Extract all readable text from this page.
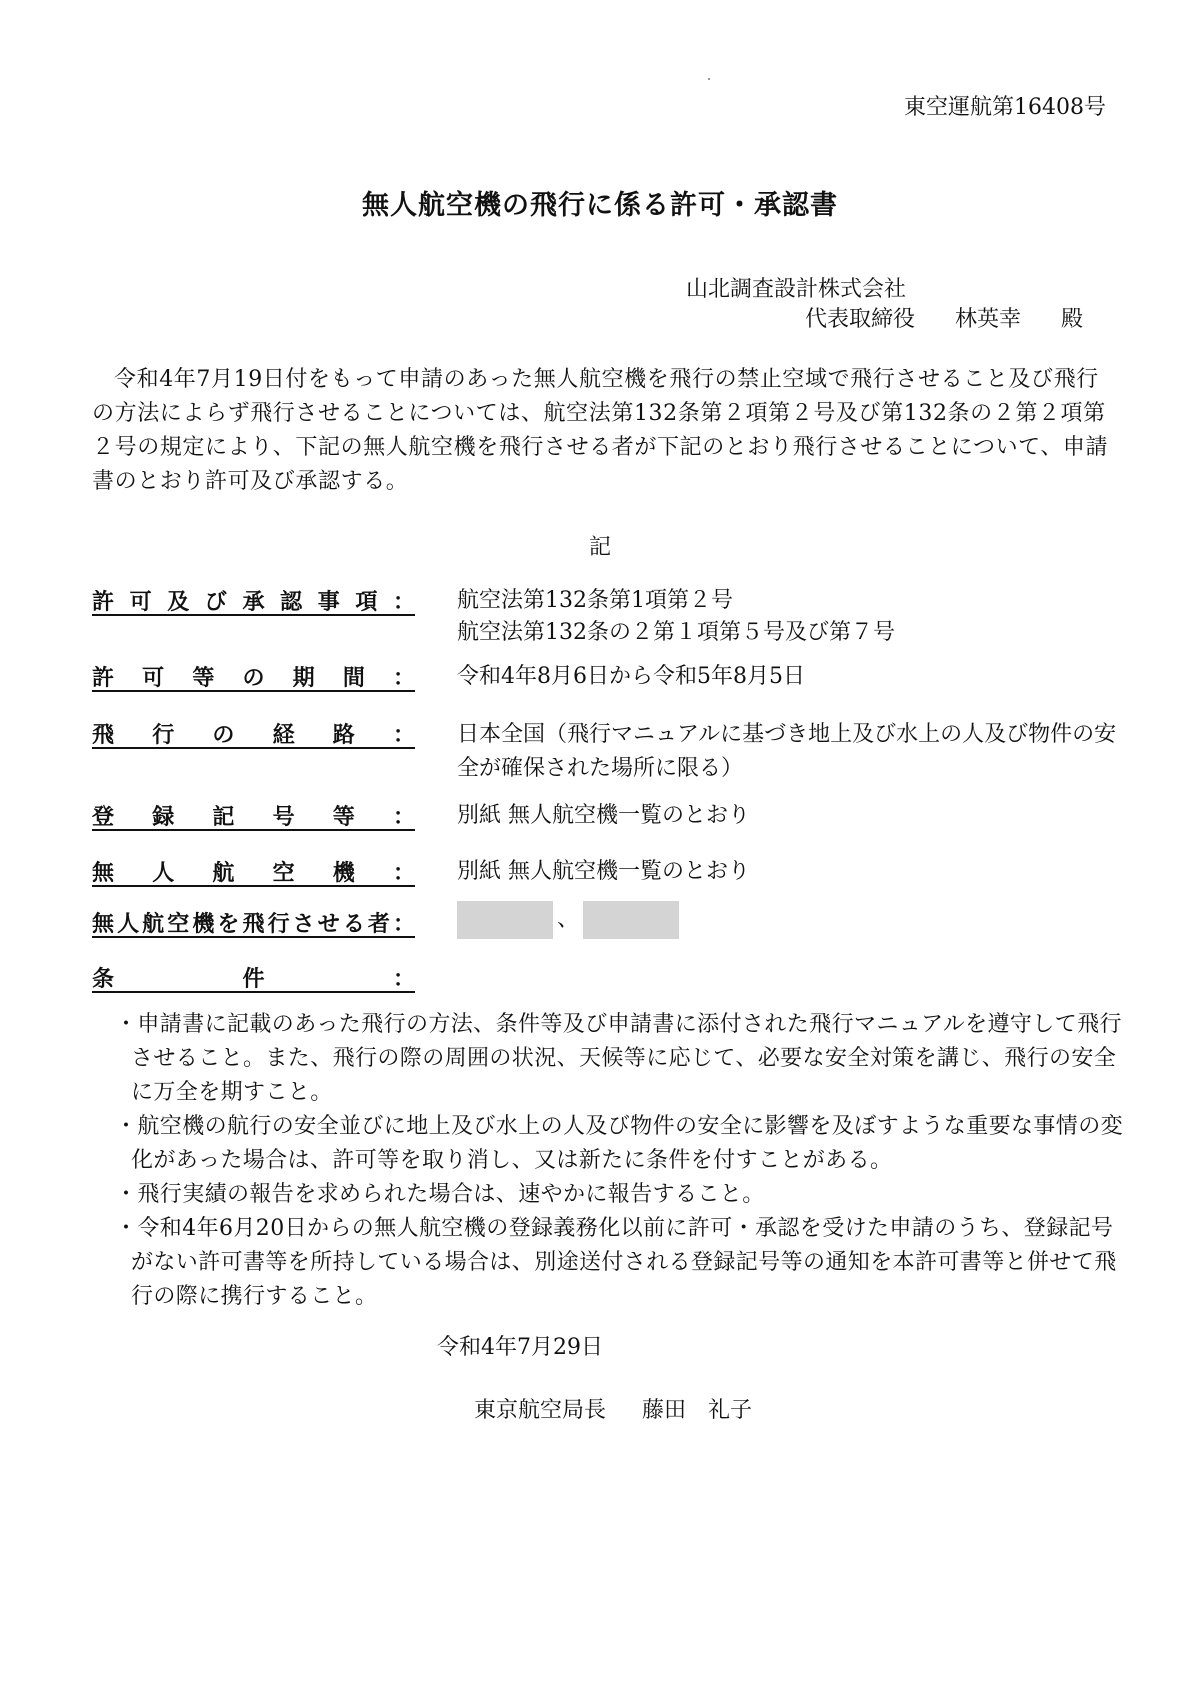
東空運航第16408号
無人航空機の飛行に係る許可・承認書
山北調査設計株式会社
代表取締役 林英幸 殿
令和4年7月19日付をもって申請のあった無人航空機を飛行の禁止空域で飛行させること及び飛行の方法によらず飛行させることについては、航空法第132条第２項第２号及び第132条の２第２項第２号の規定により、下記の無人航空機を飛行させる者が下記のとおり飛行させることについて、申請書のとおり許可及び承認する。
記
許可及び承認事項： 航空法第132条第1項第２号
航空法第132条の２第１項第５号及び第７号
許可等の期間： 令和4年8月6日から令和5年8月5日
飛行の経路： 日本全国（飛行マニュアルに基づき地上及び水上の人及び物件の安全が確保された場所に限る）
登録記号等： 別紙 無人航空機一覧のとおり
無人航空機： 別紙 無人航空機一覧のとおり
無人航空機を飛行させる者：	、
条件：
・申請書に記載のあった飛行の方法、条件等及び申請書に添付された飛行マニュアルを遵守して飛行させること。また、飛行の際の周囲の状況、天候等に応じて、必要な安全対策を講じ、飛行の安全に万全を期すこと。
・航空機の航行の安全並びに地上及び水上の人及び物件の安全に影響を及ぼすような重要な事情の変化があった場合は、許可等を取り消し、又は新たに条件を付すことがある。
・飛行実績の報告を求められた場合は、速やかに報告すること。
・令和4年6月20日からの無人航空機の登録義務化以前に許可・承認を受けた申請のうち、登録記号がない許可書等を所持している場合は、別途送付される登録記号等の通知を本許可書等と併せて飛行の際に携行すること。
令和4年7月29日
東京航空局長 藤田　礼子
